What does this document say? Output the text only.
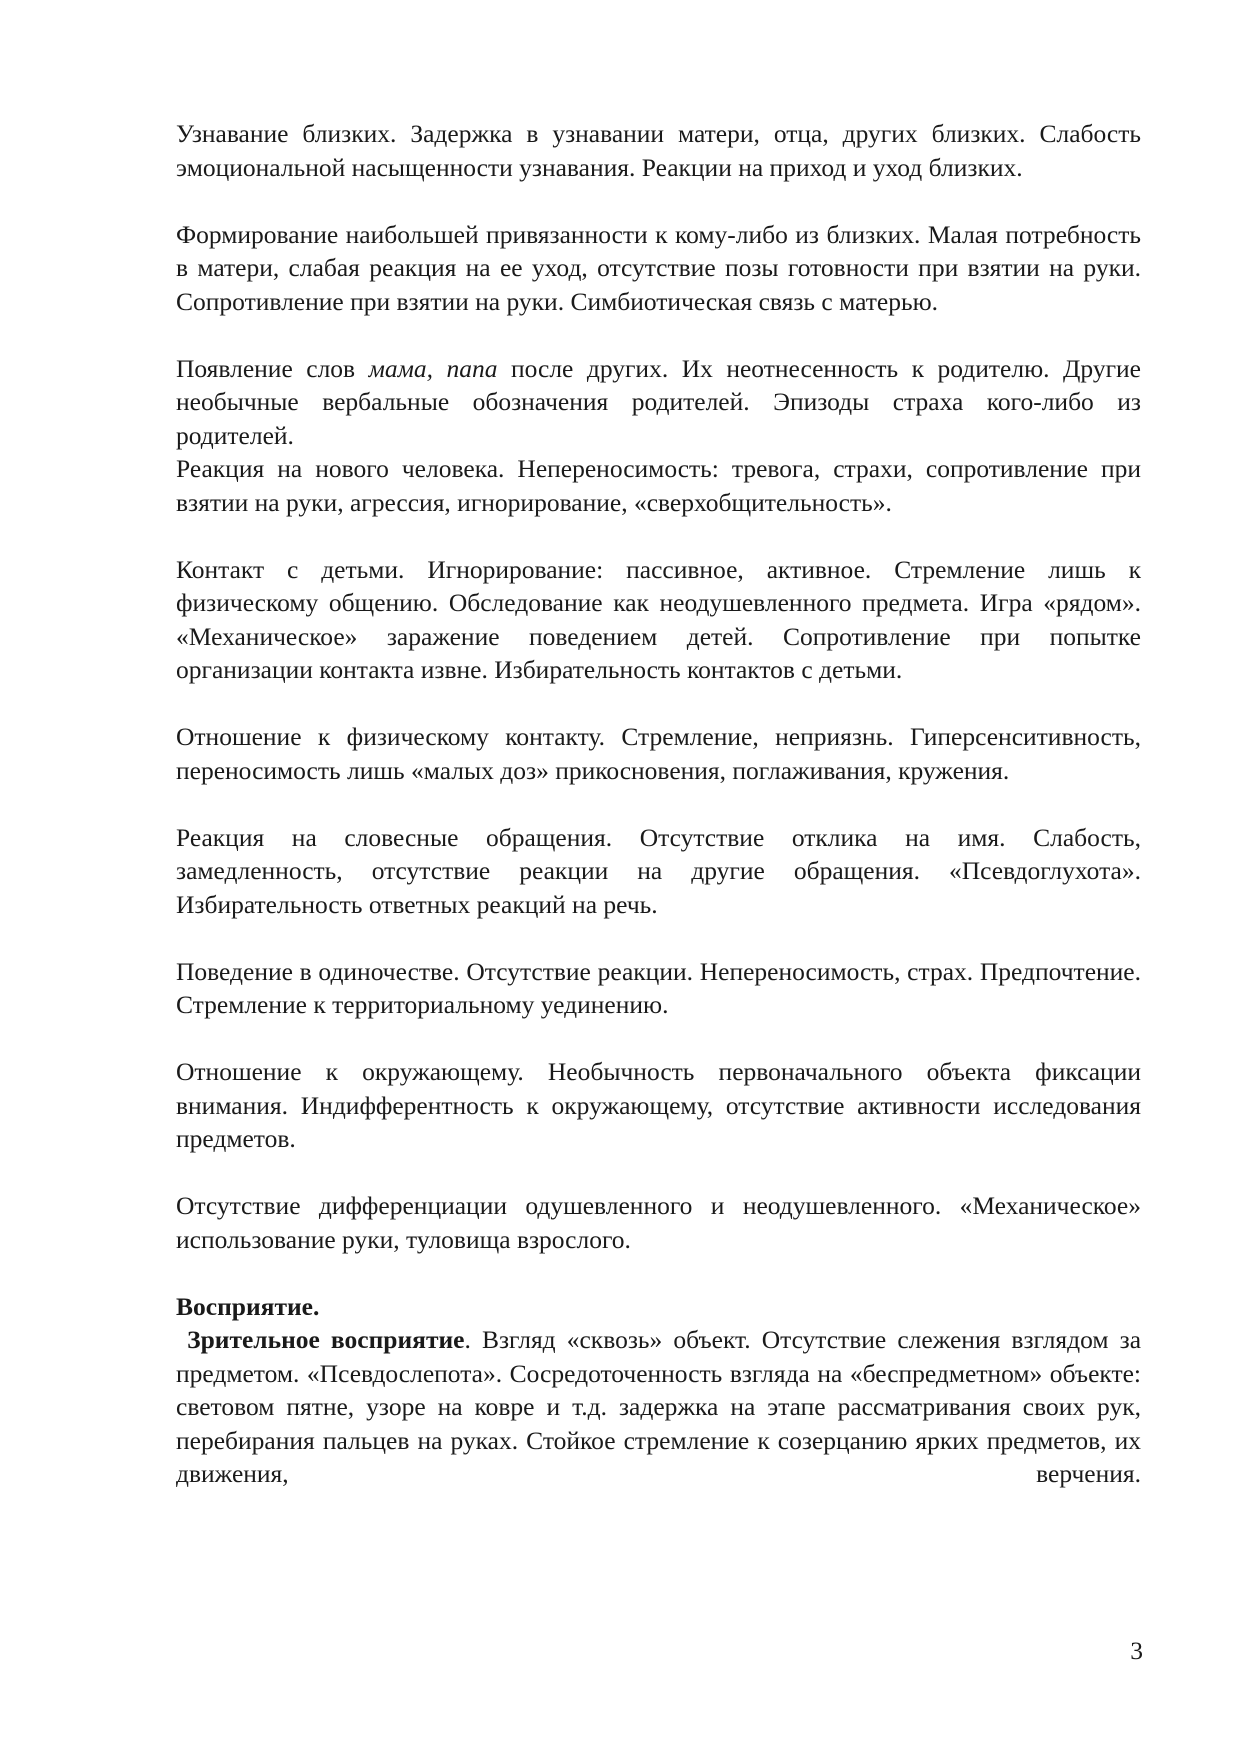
Узнавание близких. Задержка в узнавании матери, отца, других близких. Слабость эмоциональной насыщенности узнавания. Реакции на приход и уход близких.

Формирование наибольшей привязанности к кому-либо из близких. Малая потребность в матери, слабая реакция на ее уход, отсутствие позы готовности при взятии на руки. Сопротивление при взятии на руки. Симбиотическая связь с матерью.

Появление слов мама, папа после других. Их неотнесенность к родителю. Другие необычные вербальные обозначения родителей. Эпизоды страха кого-либо из родителей.

Реакция на нового человека. Непереносимость: тревога, страхи, сопротивление при взятии на руки, агрессия, игнорирование, «сверхобщительность».

Контакт с детьми. Игнорирование: пассивное, активное. Стремление лишь к физическому общению. Обследование как неодушевленного предмета. Игра «рядом». «Механическое» заражение поведением детей. Сопротивление при попытке организации контакта извне. Избирательность контактов с детьми.

Отношение к физическому контакту. Стремление, неприязнь. Гиперсенситивность, переносимость лишь «малых доз» прикосновения, поглаживания, кружения.

Реакция на словесные обращения. Отсутствие отклика на имя. Слабость, замедленность, отсутствие реакции на другие обращения. «Псевдоглухота». Избирательность ответных реакций на речь.

Поведение в одиночестве. Отсутствие реакции. Непереносимость, страх. Предпочтение. Стремление к территориальному уединению.

Отношение к окружающему. Необычность первоначального объекта фиксации внимания. Индифферентность к окружающему, отсутствие активности исследования предметов.

Отсутствие дифференциации одушевленного и неодушевленного. «Механическое» использование руки, туловища взрослого.

Восприятие.

Зрительное восприятие. Взгляд «сквозь» объект. Отсутствие слежения взглядом за предметом. «Псевдослепота». Сосредоточенность взгляда на «беспредметном» объекте: световом пятне, узоре на ковре и т.д. задержка на этапе рассматривания своих рук, перебирания пальцев на руках. Стойкое стремление к созерцанию ярких предметов, их движения, верчения.

3
